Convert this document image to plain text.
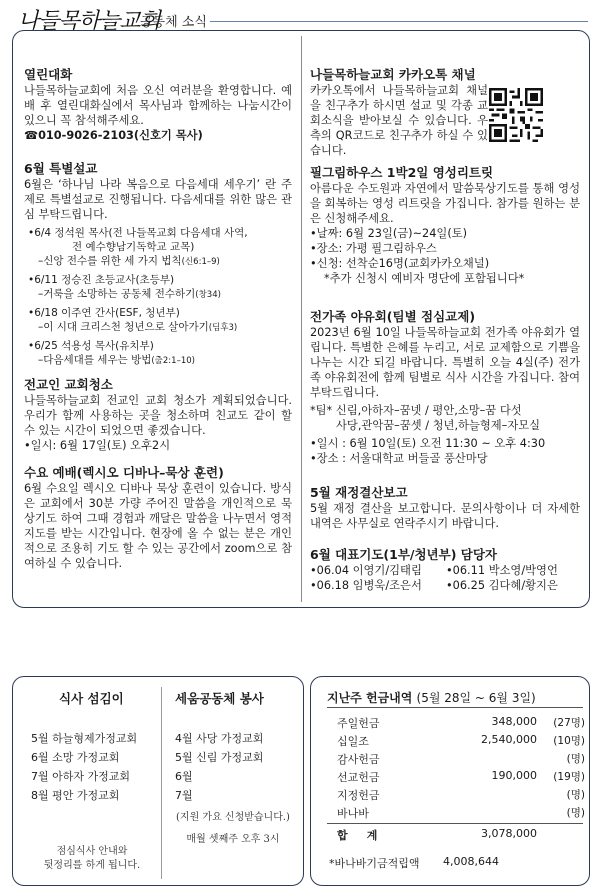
나들목하늘교회
공동체 소식

열린대화

나들목하늘교회에 처음 오신 여러분을 환영합니다. 예배 후 열린대화실에서 목사님과 함께하는 나눔시간이 있으니 꼭 참석해주세요.

☎010-9026-2103(신호기 목사)

6월 특별설교

6월은 ‘하나님 나라 복음으로 다음세대 세우기’ 란 주제로 특별설교로 진행됩니다. 다음세대를 위한 많은 관심 부탁드립니다.

•6/4 정석원 목사(전 나들목교회 다음세대 사역,

전 예수향남기독학교 교목)

–신앙 전수를 위한 세 가지 법칙(신6:1–9)

•6/11 정승진 초등교사(초등부)

–거룩을 소망하는 공동체 전수하기(창34)

•6/18 이주연 간사(ESF, 청년부)

–이 시대 크리스천 청년으로 살아가기(딤후3)

•6/25 석용성 목사(유치부)

–다음세대를 세우는 방법(출2:1–10)

전교인 교회청소

나들목하늘교회 전교인 교회 청소가 계획되었습니다. 우리가 함께 사용하는 곳을 청소하며 친교도 같이 할 수 있는 시간이 되었으면 좋겠습니다.

•일시: 6월 17일(토) 오후2시

수요 예배(렉시오 디바나–묵상 훈련)

6월 수요일 렉시오 디바나 묵상 훈련이 있습니다. 방식은 교회에서 30분 가량 주어진 말씀을 개인적으로 묵상기도 하여 그때 경험과 깨달은 말씀을 나누면서 영적지도를 받는 시간입니다. 현장에 올 수 없는 분은 개인적으로 조용히 기도 할 수 있는 공간에서 zoom으로 참여하실 수 있습니다.

나들목하늘교회 카카오톡 채널

카카오톡에서 나들목하늘교회 채널을 친구추가 하시면 설교 및 각종 교회소식을 받아보실 수 있습니다. 우측의 QR코드로 친구추가 하실 수 있습니다.

필그림하우스 1박2일 영성리트릿

아름다운 수도원과 자연에서 말씀묵상기도를 통해 영성을 회복하는 영성 리트릿을 가집니다. 참가를 원하는 분은 신청해주세요.

•날짜: 6월 23일(금)~24일(토)

•장소: 가평 필그림하우스

•신청: 선착순16명(교회카카오채널)

*추가 신청시 예비자 명단에 포함됩니다*

전가족 야유회(팀별 점심교제)

2023년 6월 10일 나들목하늘교회 전가족 야유회가 열립니다. 특별한 은혜를 누리고, 서로 교제함으로 기쁨을 나누는 시간 되길 바랍니다. 특별히 오늘 4실(주) 전가족 야유회전에 함께 팀별로 식사 시간을 가집니다. 참여 부탁드립니다.

*팀* 신림,아하자–꿈넷 / 평안,소망–꿈 다섯

사당,관악꿈–꿈셋 / 청년,하늘형제–자모실

•일시 : 6월 10일(토) 오전 11:30 ~ 오후 4:30

•장소 : 서울대학교 버들골 풍산마당

5월 재정결산보고

5월 재정 결산을 보고합니다. 문의사항이나 더 자세한 내역은 사무실로 연락주시기 바랍니다.

6월 대표기도(1부/청년부) 담당자

•06.04 이영기/김태림 •06.11 박소영/박영언

•06.18 임병욱/조은서 •06.25 김다혜/황지은

식사 섬김이
5월 하늘형제가정교회
6월 소망 가정교회
7월 아하자 가정교회
8월 평안 가정교회
점심식사 안내와
뒷정리를 하게 됩니다.
세움공동체 봉사
4월 사당 가정교회
5월 신림 가정교회
6월
7월
(지원 가요 신청받습니다.)
매월 셋째주 오후 3시
지난주 헌금내역 (5월 28일 ~ 6월 3일)
주일헌금	348,000 (27명)
십일조	2,540,000 (10명)
감사헌금	(명)
선교헌금	190,000 (19명)
지정헌금	(명)
바나바	(명)
합     계	3,078,000
*바나바기금적립액 4,008,644
